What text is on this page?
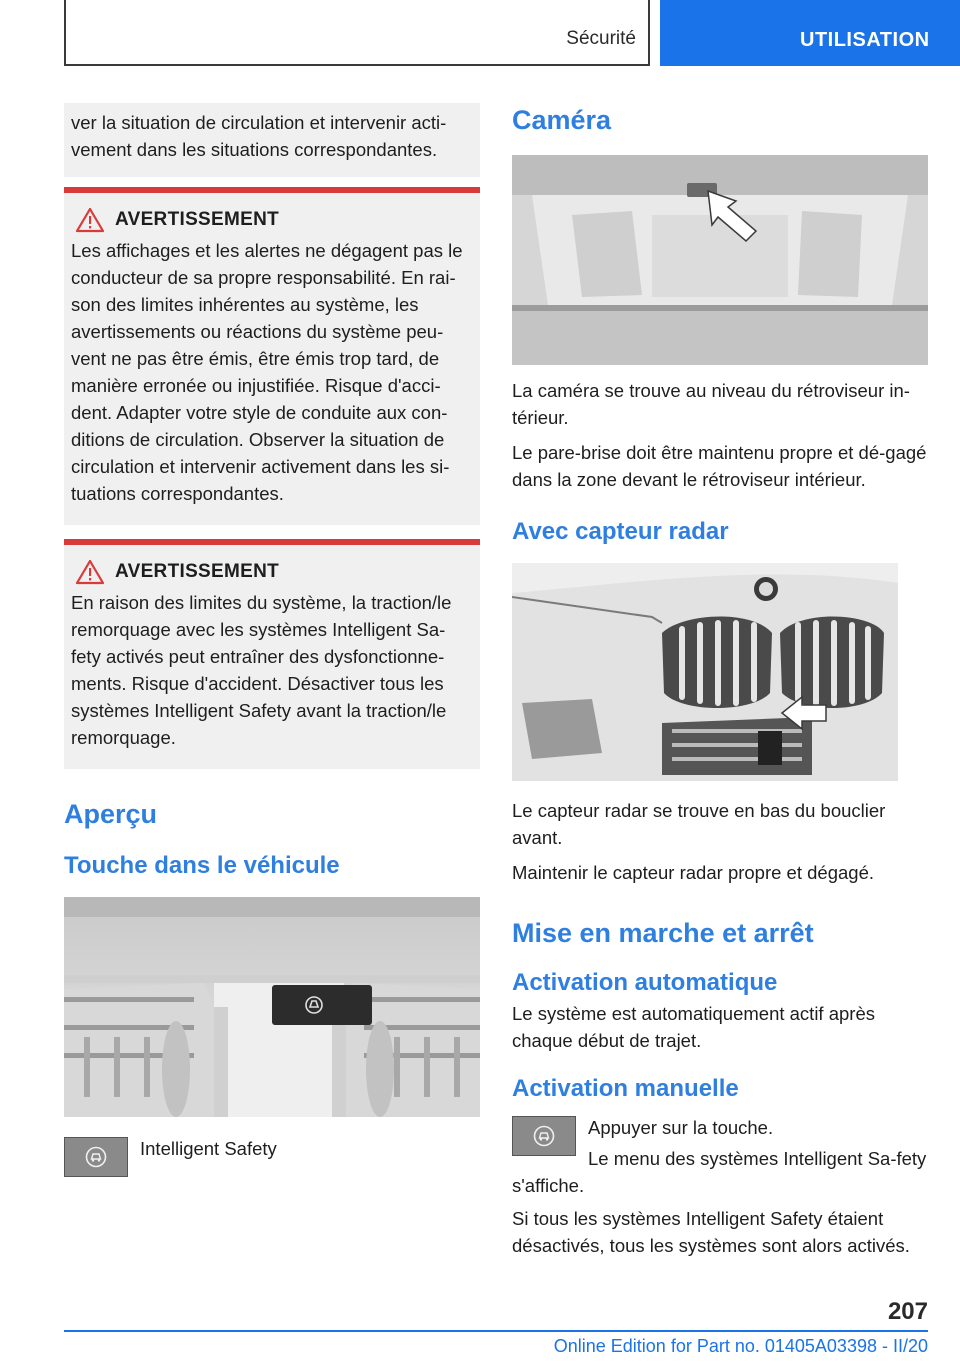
Sécurité	UTILISATION
ver la situation de circulation et intervenir acti-vement dans les situations correspondantes.
AVERTISSEMENT
Les affichages et les alertes ne dégagent pas le conducteur de sa propre responsabilité. En rai-son des limites inhérentes au système, les avertissements ou réactions du système peu-vent ne pas être émis, être émis trop tard, de manière erronée ou injustifiée. Risque d'acci-dent. Adapter votre style de conduite aux con-ditions de circulation. Observer la situation de circulation et intervenir activement dans les si-tuations correspondantes.
AVERTISSEMENT
En raison des limites du système, la traction/le remorquage avec les systèmes Intelligent Sa-fety activés peut entraîner des dysfonctionne-ments. Risque d'accident. Désactiver tous les systèmes Intelligent Safety avant la traction/le remorquage.
Aperçu
Touche dans le véhicule
Intelligent Safety
Caméra

La caméra se trouve au niveau du rétroviseur in-térieur.

Le pare-brise doit être maintenu propre et dé-gagé dans la zone devant le rétroviseur intérieur.

Avec capteur radar

Le capteur radar se trouve en bas du bouclier avant.

Maintenir le capteur radar propre et dégagé.

Mise en marche et arrêt
Activation automatique

Le système est automatiquement actif après chaque début de trajet.

Activation manuelle

Appuyer sur la touche.

Le menu des systèmes Intelligent Sa-fety s'affiche.

Si tous les systèmes Intelligent Safety étaient désactivés, tous les systèmes sont alors activés.

207
Online Edition for Part no. 01405A03398 - II/20
